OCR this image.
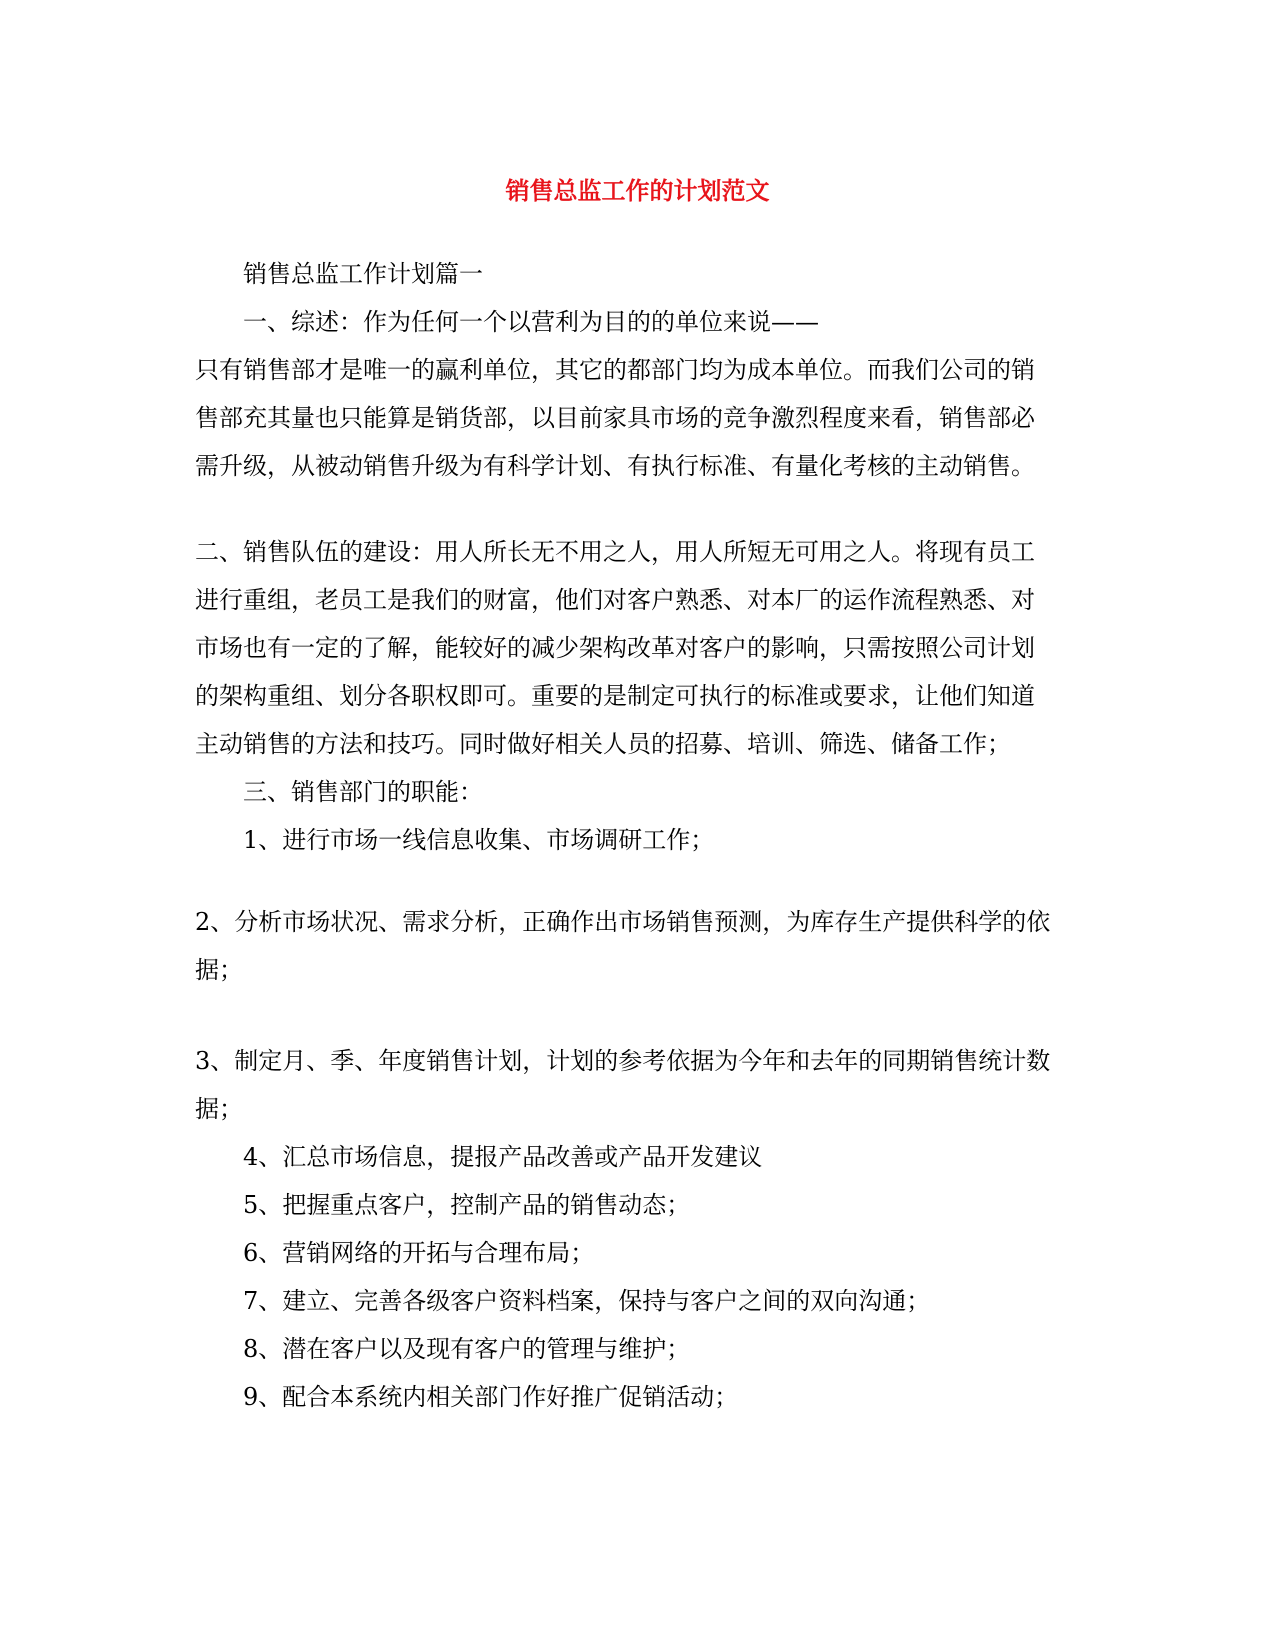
销售总监工作的计划范文

销售总监工作计划篇一

一、综述：作为任何一个以营利为目的的单位来说——

只有销售部才是唯一的赢利单位，其它的都部门均为成本单位。而我们公司的销

售部充其量也只能算是销货部，以目前家具市场的竞争激烈程度来看，销售部必

需升级，从被动销售升级为有科学计划、有执行标准、有量化考核的主动销售。

二、销售队伍的建设：用人所长无不用之人，用人所短无可用之人。将现有员工

进行重组，老员工是我们的财富，他们对客户熟悉、对本厂的运作流程熟悉、对

市场也有一定的了解，能较好的减少架构改革对客户的影响，只需按照公司计划

的架构重组、划分各职权即可。重要的是制定可执行的标准或要求，让他们知道

主动销售的方法和技巧。同时做好相关人员的招募、培训、筛选、储备工作；

三、销售部门的职能：

1、进行市场一线信息收集、市场调研工作；

2、分析市场状况、需求分析，正确作出市场销售预测，为库存生产提供科学的依

据；

3、制定月、季、年度销售计划，计划的参考依据为今年和去年的同期销售统计数

据；

4、汇总市场信息，提报产品改善或产品开发建议

5、把握重点客户，控制产品的销售动态；

6、营销网络的开拓与合理布局；

7、建立、完善各级客户资料档案，保持与客户之间的双向沟通；

8、潜在客户以及现有客户的管理与维护；

9、配合本系统内相关部门作好推广促销活动；
